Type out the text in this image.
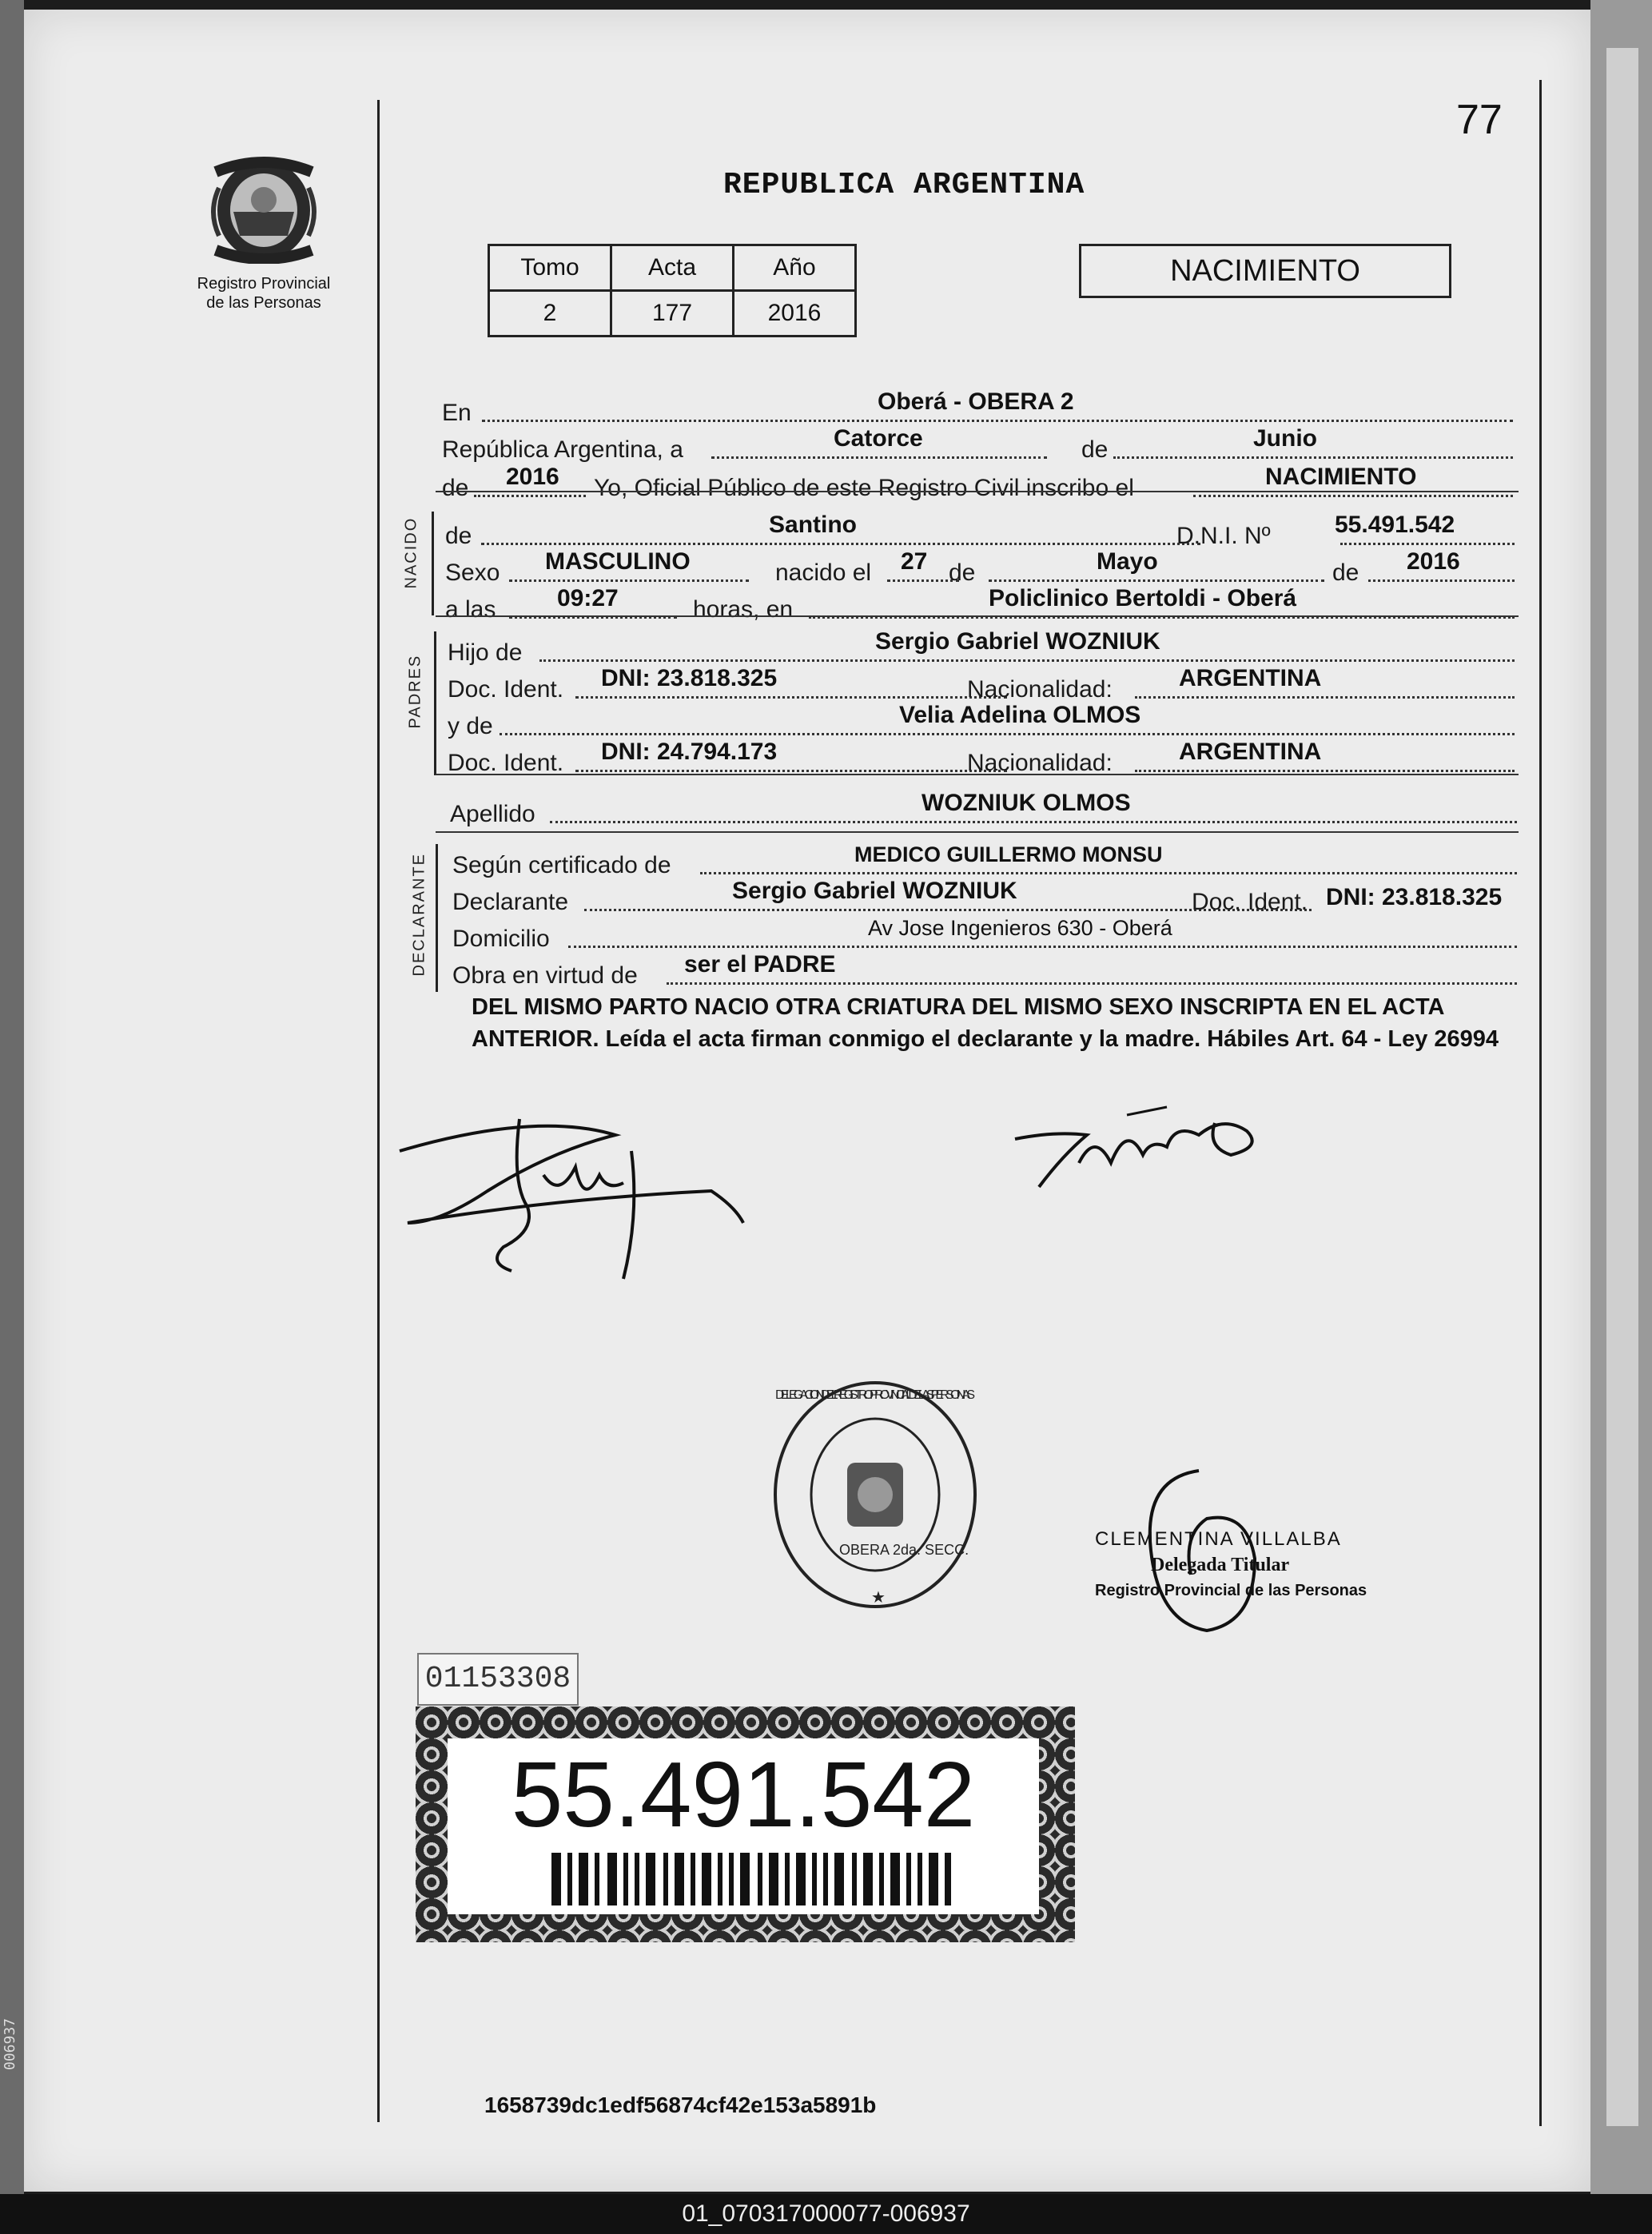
006937
77
Registro Provincial
de las Personas
REPUBLICA ARGENTINA
Tomo	Acta	Año
2	177	2016
NACIMIENTO
En	Oberá - OBERA 2
República Argentina, a	Catorce	de	Junio
de 2016 Yo, Oficial Público de este Registro Civil inscribo el	NACIMIENTO
NACIDO de	Santino	D.N.I. Nº	55.491.542
Sexo MASCULINO	nacido el 27 de	Mayo	de 2016
a las	09:27	horas, en	Policlinico Bertoldi - Oberá
PADRES
Hijo de	Sergio Gabriel WOZNIUK
Doc. Ident. DNI: 23.818.325	Nacionalidad:	ARGENTINA
y de	Velia Adelina OLMOS
Doc. Ident. DNI: 24.794.173	Nacionalidad:	ARGENTINA
Apellido	WOZNIUK OLMOS
DECLARANTE Según certificado de	MEDICO GUILLERMO MONSU
Declarante	Sergio Gabriel WOZNIUK	Doc. Ident. DNI: 23.818.325
Domicilio	Av Jose Ingenieros 630 - Oberá
Obra en virtud de ser el PADRE
DEL MISMO PARTO NACIO OTRA CRIATURA DEL MISMO SEXO INSCRIPTA EN EL ACTA ANTERIOR. Leída el acta firman conmigo el declarante y la madre. Hábiles Art. 64 - Ley 26994
OBERA 2da. SECC.
DELEGACION DEL REGISTRO PROVINCIAL DE LAS PERSONAS
★
CLEMENTINA VILLALBA
Delegada Titular
Registro Provincial de las Personas
01153308
55.491.542
1658739dc1edf56874cf42e153a5891b
01_070317000077-006937
